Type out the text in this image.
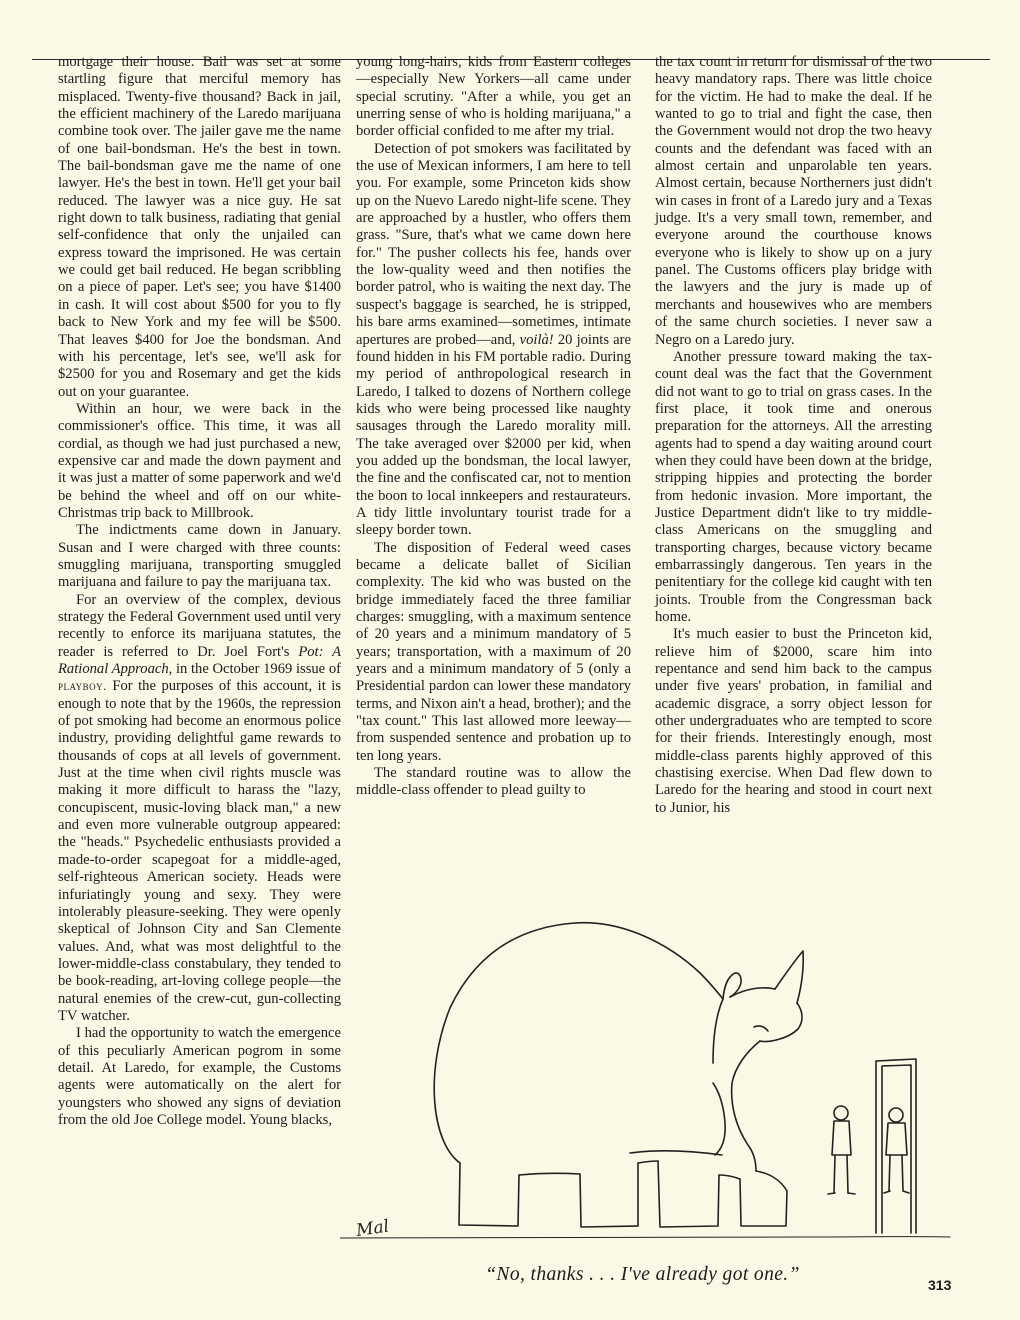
mortgage their house. Bail was set at some startling figure that merciful memory has misplaced. Twenty-five thousand? Back in jail, the efficient machinery of the Laredo marijuana combine took over. The jailer gave me the name of one bail-bondsman. He's the best in town. The bail-bondsman gave me the name of one lawyer. He's the best in town. He'll get your bail reduced. The lawyer was a nice guy. He sat right down to talk business, radiating that genial self-confidence that only the unjailed can express toward the imprisoned. He was certain we could get bail reduced. He began scribbling on a piece of paper. Let's see; you have $1400 in cash. It will cost about $500 for you to fly back to New York and my fee will be $500. That leaves $400 for Joe the bondsman. And with his percentage, let's see, we'll ask for $2500 for you and Rosemary and get the kids out on your guarantee.

Within an hour, we were back in the commissioner's office. This time, it was all cordial, as though we had just purchased a new, expensive car and made the down payment and it was just a matter of some paperwork and we'd be behind the wheel and off on our white-Christmas trip back to Millbrook.

The indictments came down in January. Susan and I were charged with three counts: smuggling marijuana, transporting smuggled marijuana and failure to pay the marijuana tax.

For an overview of the complex, devious strategy the Federal Government used until very recently to enforce its marijuana statutes, the reader is referred to Dr. Joel Fort's Pot: A Rational Approach, in the October 1969 issue of playboy. For the purposes of this account, it is enough to note that by the 1960s, the repression of pot smoking had become an enormous police industry, providing delightful game rewards to thousands of cops at all levels of government. Just at the time when civil rights muscle was making it more difficult to harass the "lazy, concupiscent, music-loving black man," a new and even more vulnerable outgroup appeared: the "heads." Psychedelic enthusiasts provided a made-to-order scapegoat for a middle-aged, self-righteous American society. Heads were infuriatingly young and sexy. They were intolerably pleasure-seeking. They were openly skeptical of Johnson City and San Clemente values. And, what was most delightful to the lower-middle-class constabulary, they tended to be book-reading, art-loving college people—the natural enemies of the crew-cut, gun-collecting TV watcher.

I had the opportunity to watch the emergence of this peculiarly American pogrom in some detail. At Laredo, for example, the Customs agents were automatically on the alert for youngsters who showed any signs of deviation from the old Joe College model. Young blacks,

young long-hairs, kids from Eastern colleges—especially New Yorkers—all came under special scrutiny. "After a while, you get an unerring sense of who is holding marijuana," a border official confided to me after my trial.

Detection of pot smokers was facilitated by the use of Mexican informers, I am here to tell you. For example, some Princeton kids show up on the Nuevo Laredo night-life scene. They are approached by a hustler, who offers them grass. "Sure, that's what we came down here for." The pusher collects his fee, hands over the low-quality weed and then notifies the border patrol, who is waiting the next day. The suspect's baggage is searched, he is stripped, his bare arms examined—sometimes, intimate apertures are probed—and, voilà! 20 joints are found hidden in his FM portable radio. During my period of anthropological research in Laredo, I talked to dozens of Northern college kids who were being processed like naughty sausages through the Laredo morality mill. The take averaged over $2000 per kid, when you added up the bondsman, the local lawyer, the fine and the confiscated car, not to mention the boon to local innkeepers and restaurateurs. A tidy little involuntary tourist trade for a sleepy border town.

The disposition of Federal weed cases became a delicate ballet of Sicilian complexity. The kid who was busted on the bridge immediately faced the three familiar charges: smuggling, with a maximum sentence of 20 years and a minimum mandatory of 5 years; transportation, with a maximum of 20 years and a minimum mandatory of 5 (only a Presidential pardon can lower these mandatory terms, and Nixon ain't a head, brother); and the "tax count." This last allowed more leeway—from suspended sentence and probation up to ten long years.

The standard routine was to allow the middle-class offender to plead guilty to

the tax count in return for dismissal of the two heavy mandatory raps. There was little choice for the victim. He had to make the deal. If he wanted to go to trial and fight the case, then the Government would not drop the two heavy counts and the defendant was faced with an almost certain and unparolable ten years. Almost certain, because Northerners just didn't win cases in front of a Laredo jury and a Texas judge. It's a very small town, remember, and everyone around the courthouse knows everyone who is likely to show up on a jury panel. The Customs officers play bridge with the lawyers and the jury is made up of merchants and housewives who are members of the same church societies. I never saw a Negro on a Laredo jury.

Another pressure toward making the tax-count deal was the fact that the Government did not want to go to trial on grass cases. In the first place, it took time and onerous preparation for the attorneys. All the arresting agents had to spend a day waiting around court when they could have been down at the bridge, stripping hippies and protecting the border from hedonic invasion. More important, the Justice Department didn't like to try middle-class Americans on the smuggling and transporting charges, because victory became embarrassingly dangerous. Ten years in the penitentiary for the college kid caught with ten joints. Trouble from the Congressman back home.

It's much easier to bust the Princeton kid, relieve him of $2000, scare him into repentance and send him back to the campus under five years' probation, in familial and academic disgrace, a sorry object lesson for other undergraduates who are tempted to score for their friends. Interestingly enough, most middle-class parents highly approved of this chastising exercise. When Dad flew down to Laredo for the hearing and stood in court next to Junior, his

Mal
“No, thanks . . . I've already got one.”	313
